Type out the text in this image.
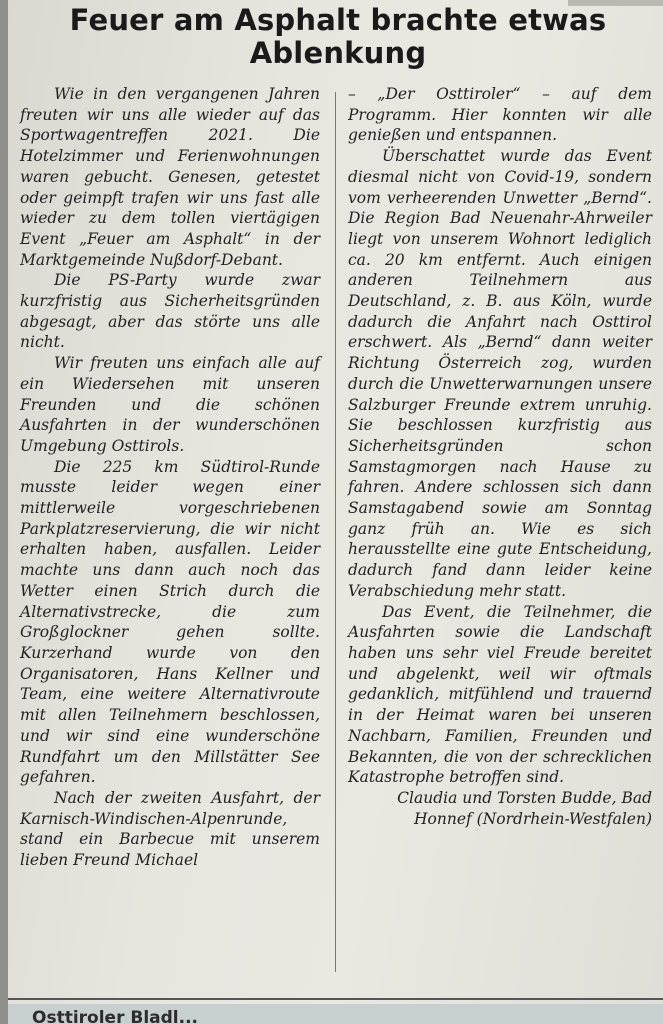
Feuer am Asphalt brachte etwas Ablenkung

Wie in den vergangenen Jahren freuten wir uns alle wieder auf das Sportwagentreffen 2021. Die Hotelzimmer und Ferienwohnungen waren gebucht. Genesen, getestet oder geimpft trafen wir uns fast alle wieder zu dem tollen viertägigen Event „Feuer am Asphalt“ in der Marktgemeinde Nußdorf-Debant.

Die PS-Party wurde zwar kurzfristig aus Sicherheitsgründen abgesagt, aber das störte uns alle nicht.

Wir freuten uns einfach alle auf ein Wiedersehen mit unseren Freunden und die schönen Ausfahrten in der wunderschönen Umgebung Osttirols.

Die 225 km Südtirol-Runde musste leider wegen einer mittlerweile vorgeschriebenen Parkplatzreservierung, die wir nicht erhalten haben, ausfallen. Leider machte uns dann auch noch das Wetter einen Strich durch die Alternativstrecke, die zum Großglockner gehen sollte. Kurzerhand wurde von den Organisatoren, Hans Kellner und Team, eine weitere Alternativroute mit allen Teilnehmern beschlossen, und wir sind eine wunderschöne Rundfahrt um den Millstätter See gefahren.

Nach der zweiten Ausfahrt, der Karnisch-Windischen-Alpenrunde, stand ein Barbecue mit unserem lieben Freund Michael

– „Der Osttiroler“ – auf dem Programm. Hier konnten wir alle genießen und entspannen.

Überschattet wurde das Event diesmal nicht von Covid-19, sondern vom verheerenden Unwetter „Bernd“. Die Region Bad Neuenahr-Ahrweiler liegt von unserem Wohnort lediglich ca. 20 km entfernt. Auch einigen anderen Teilnehmern aus Deutschland, z. B. aus Köln, wurde dadurch die Anfahrt nach Osttirol erschwert. Als „Bernd“ dann weiter Richtung Österreich zog, wurden durch die Unwetterwarnungen unsere Salzburger Freunde extrem unruhig. Sie beschlossen kurzfristig aus Sicherheitsgründen schon Samstagmorgen nach Hause zu fahren. Andere schlossen sich dann Samstagabend sowie am Sonntag ganz früh an. Wie es sich herausstellte eine gute Entscheidung, dadurch fand dann leider keine Verabschiedung mehr statt.

Das Event, die Teilnehmer, die Ausfahrten sowie die Landschaft haben uns sehr viel Freude bereitet und abgelenkt, weil wir oftmals gedanklich, mitfühlend und trauernd in der Heimat waren bei unseren Nachbarn, Familien, Freunden und Bekannten, die von der schrecklichen Katastrophe betroffen sind.

Claudia und Torsten Budde, Bad Honnef (Nordrhein-Westfalen)

Osttiroler Bladl...
